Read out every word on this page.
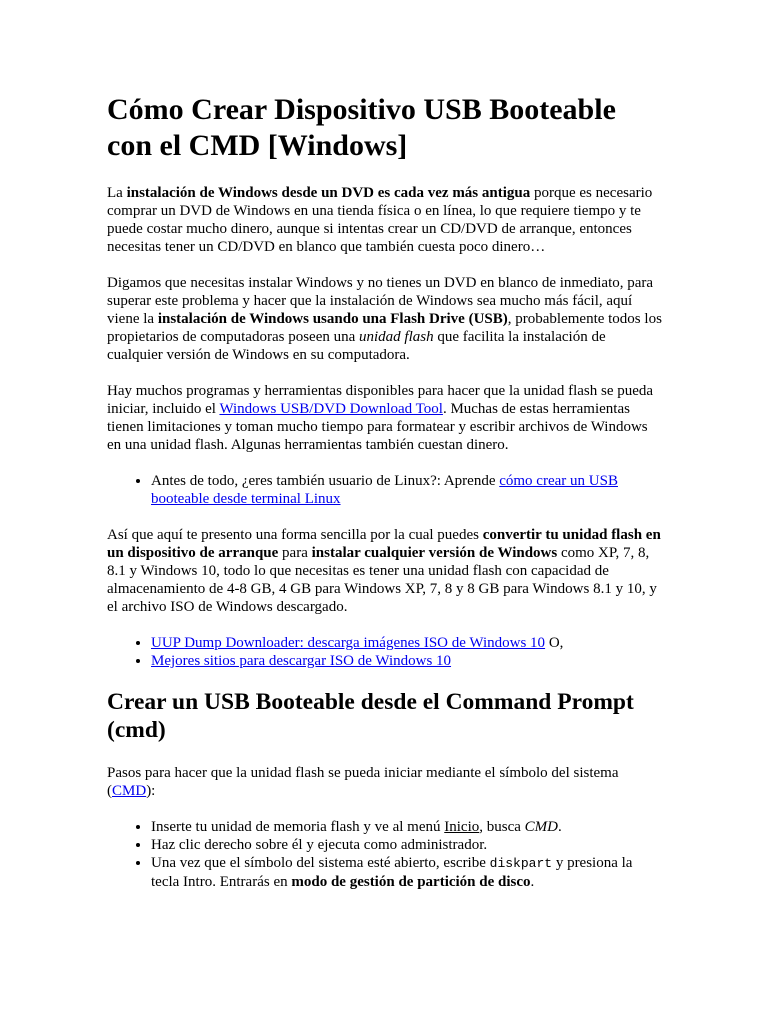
Cómo Crear Dispositivo USB Booteable con el CMD [Windows]

La instalación de Windows desde un DVD es cada vez más antigua porque es necesario comprar un DVD de Windows en una tienda física o en línea, lo que requiere tiempo y te puede costar mucho dinero, aunque si intentas crear un CD/DVD de arranque, entonces necesitas tener un CD/DVD en blanco que también cuesta poco dinero…

Digamos que necesitas instalar Windows y no tienes un DVD en blanco de inmediato, para superar este problema y hacer que la instalación de Windows sea mucho más fácil, aquí viene la instalación de Windows usando una Flash Drive (USB), probablemente todos los propietarios de computadoras poseen una unidad flash que facilita la instalación de cualquier versión de Windows en su computadora.

Hay muchos programas y herramientas disponibles para hacer que la unidad flash se pueda iniciar, incluido el Windows USB/DVD Download Tool. Muchas de estas herramientas tienen limitaciones y toman mucho tiempo para formatear y escribir archivos de Windows en una unidad flash. Algunas herramientas también cuestan dinero.

• Antes de todo, ¿eres también usuario de Linux?: Aprende cómo crear un USB booteable desde terminal Linux

Así que aquí te presento una forma sencilla por la cual puedes convertir tu unidad flash en un dispositivo de arranque para instalar cualquier versión de Windows como XP, 7, 8, 8.1 y Windows 10, todo lo que necesitas es tener una unidad flash con capacidad de almacenamiento de 4-8 GB, 4 GB para Windows XP, 7, 8 y 8 GB para Windows 8.1 y 10, y el archivo ISO de Windows descargado.

• UUP Dump Downloader: descarga imágenes ISO de Windows 10 O,
• Mejores sitios para descargar ISO de Windows 10
Crear un USB Booteable desde el Command Prompt (cmd)

Pasos para hacer que la unidad flash se pueda iniciar mediante el símbolo del sistema (CMD):

• Inserte tu unidad de memoria flash y ve al menú Inicio, busca CMD.
• Haz clic derecho sobre él y ejecuta como administrador.
• Una vez que el símbolo del sistema esté abierto, escribe diskpart y presiona la tecla Intro. Entrarás en modo de gestión de partición de disco.
